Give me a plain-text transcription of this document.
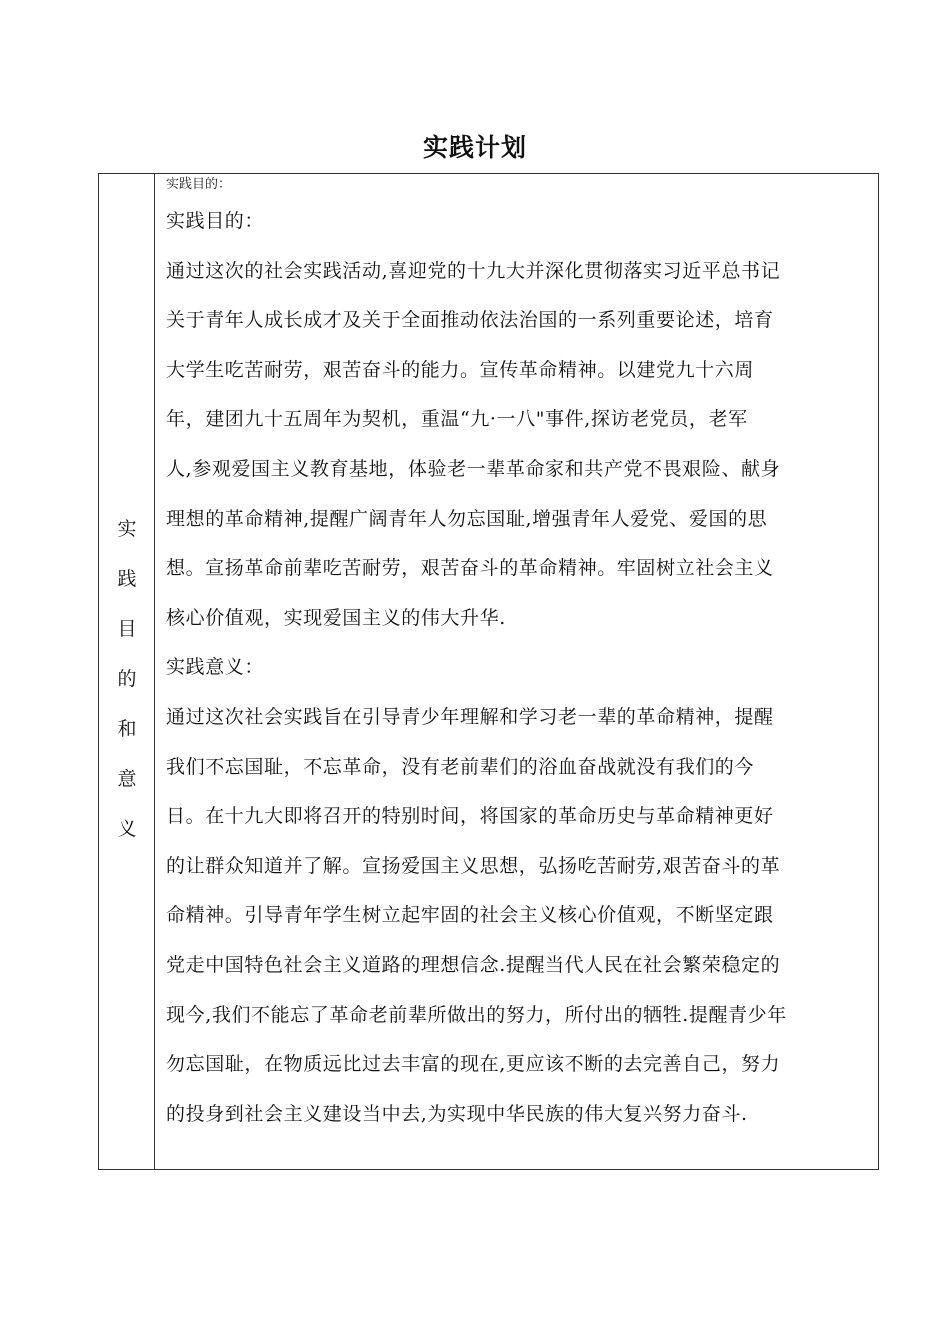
实践计划
实
践
目
的
和
意
义
实践目的：
实践目的：
通过这次的社会实践活动,喜迎党的十九大并深化贯彻落实习近平总书记
关于青年人成长成才及关于全面推动依法治国的一系列重要论述，培育
大学生吃苦耐劳，艰苦奋斗的能力。宣传革命精神。以建党九十六周
年，建团九十五周年为契机，重温“九·一八"事件,探访老党员，老军
人,参观爱国主义教育基地，体验老一辈革命家和共产党不畏艰险、献身
理想的革命精神,提醒广阔青年人勿忘国耻,增强青年人爱党、爱国的思
想。宣扬革命前辈吃苦耐劳，艰苦奋斗的革命精神。牢固树立社会主义
核心价值观，实现爱国主义的伟大升华.
实践意义：
通过这次社会实践旨在引导青少年理解和学习老一辈的革命精神，提醒
我们不忘国耻，不忘革命，没有老前辈们的浴血奋战就没有我们的今
日。在十九大即将召开的特别时间，将国家的革命历史与革命精神更好
的让群众知道并了解。宣扬爱国主义思想，弘扬吃苦耐劳,艰苦奋斗的革
命精神。引导青年学生树立起牢固的社会主义核心价值观，不断坚定跟
党走中国特色社会主义道路的理想信念.提醒当代人民在社会繁荣稳定的
现今,我们不能忘了革命老前辈所做出的努力，所付出的牺牲.提醒青少年
勿忘国耻，在物质远比过去丰富的现在,更应该不断的去完善自己，努力
的投身到社会主义建设当中去,为实现中华民族的伟大复兴努力奋斗.
